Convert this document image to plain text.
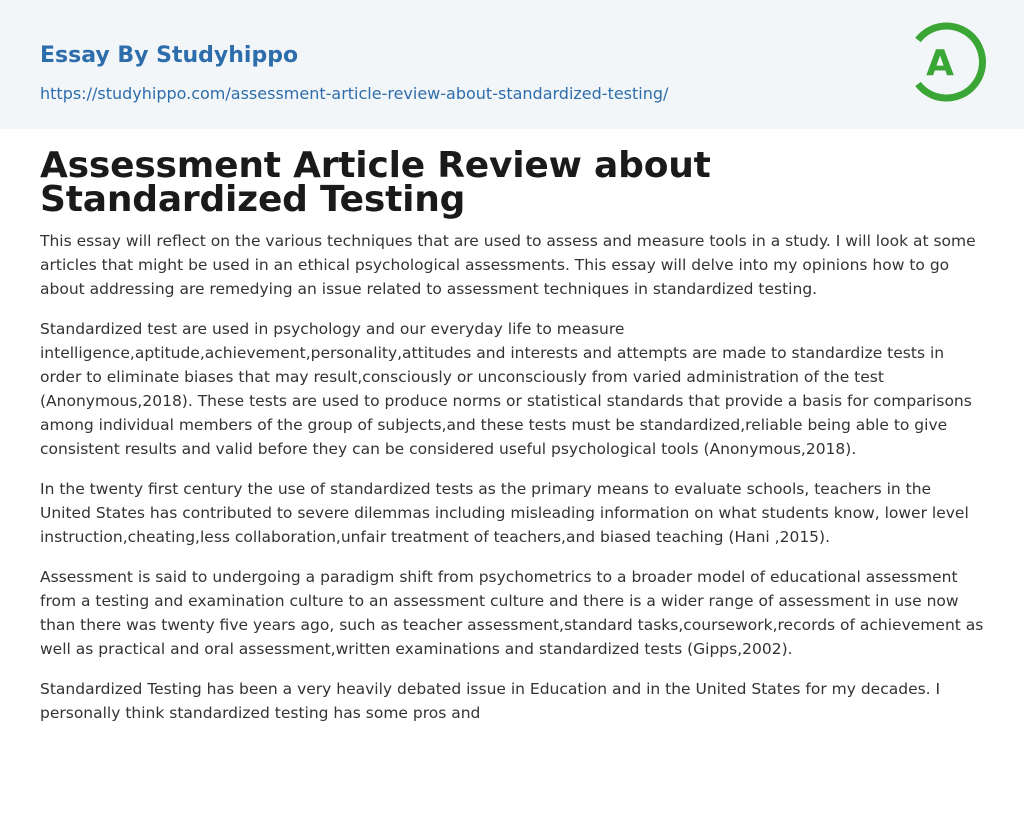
Essay By Studyhippo
https://studyhippo.com/assessment-article-review-about-standardized-testing/
A
Assessment Article Review about Standardized Testing

This essay will reflect on the various techniques that are used to assess and measure tools in a study. I will look at some articles that might be used in an ethical psychological assessments. This essay will delve into my opinions how to go about addressing are remedying an issue related to assessment techniques in standardized testing.

Standardized test are used in psychology and our everyday life to measure intelligence,aptitude,achievement,personality,attitudes and interests and attempts are made to standardize tests in order to eliminate biases that may result,consciously or unconsciously from varied administration of the test (Anonymous,2018). These tests are used to produce norms or statistical standards that provide a basis for comparisons among individual members of the group of subjects,and these tests must be standardized,reliable being able to give consistent results and valid before they can be considered useful psychological tools (Anonymous,2018).

In the twenty first century the use of standardized tests as the primary means to evaluate schools, teachers in the United States has contributed to severe dilemmas including misleading information on what students know, lower level instruction,cheating,less collaboration,unfair treatment of teachers,and biased teaching (Hani ,2015).

Assessment is said to undergoing a paradigm shift from psychometrics to a broader model of educational assessment from a testing and examination culture to an assessment culture and there is a wider range of assessment in use now than there was twenty five years ago, such as teacher assessment,standard tasks,coursework,records of achievement as well as practical and oral assessment,written examinations and standardized tests (Gipps,2002).

Standardized Testing has been a very heavily debated issue in Education and in the United States for my decades. I personally think standardized testing has some pros and
